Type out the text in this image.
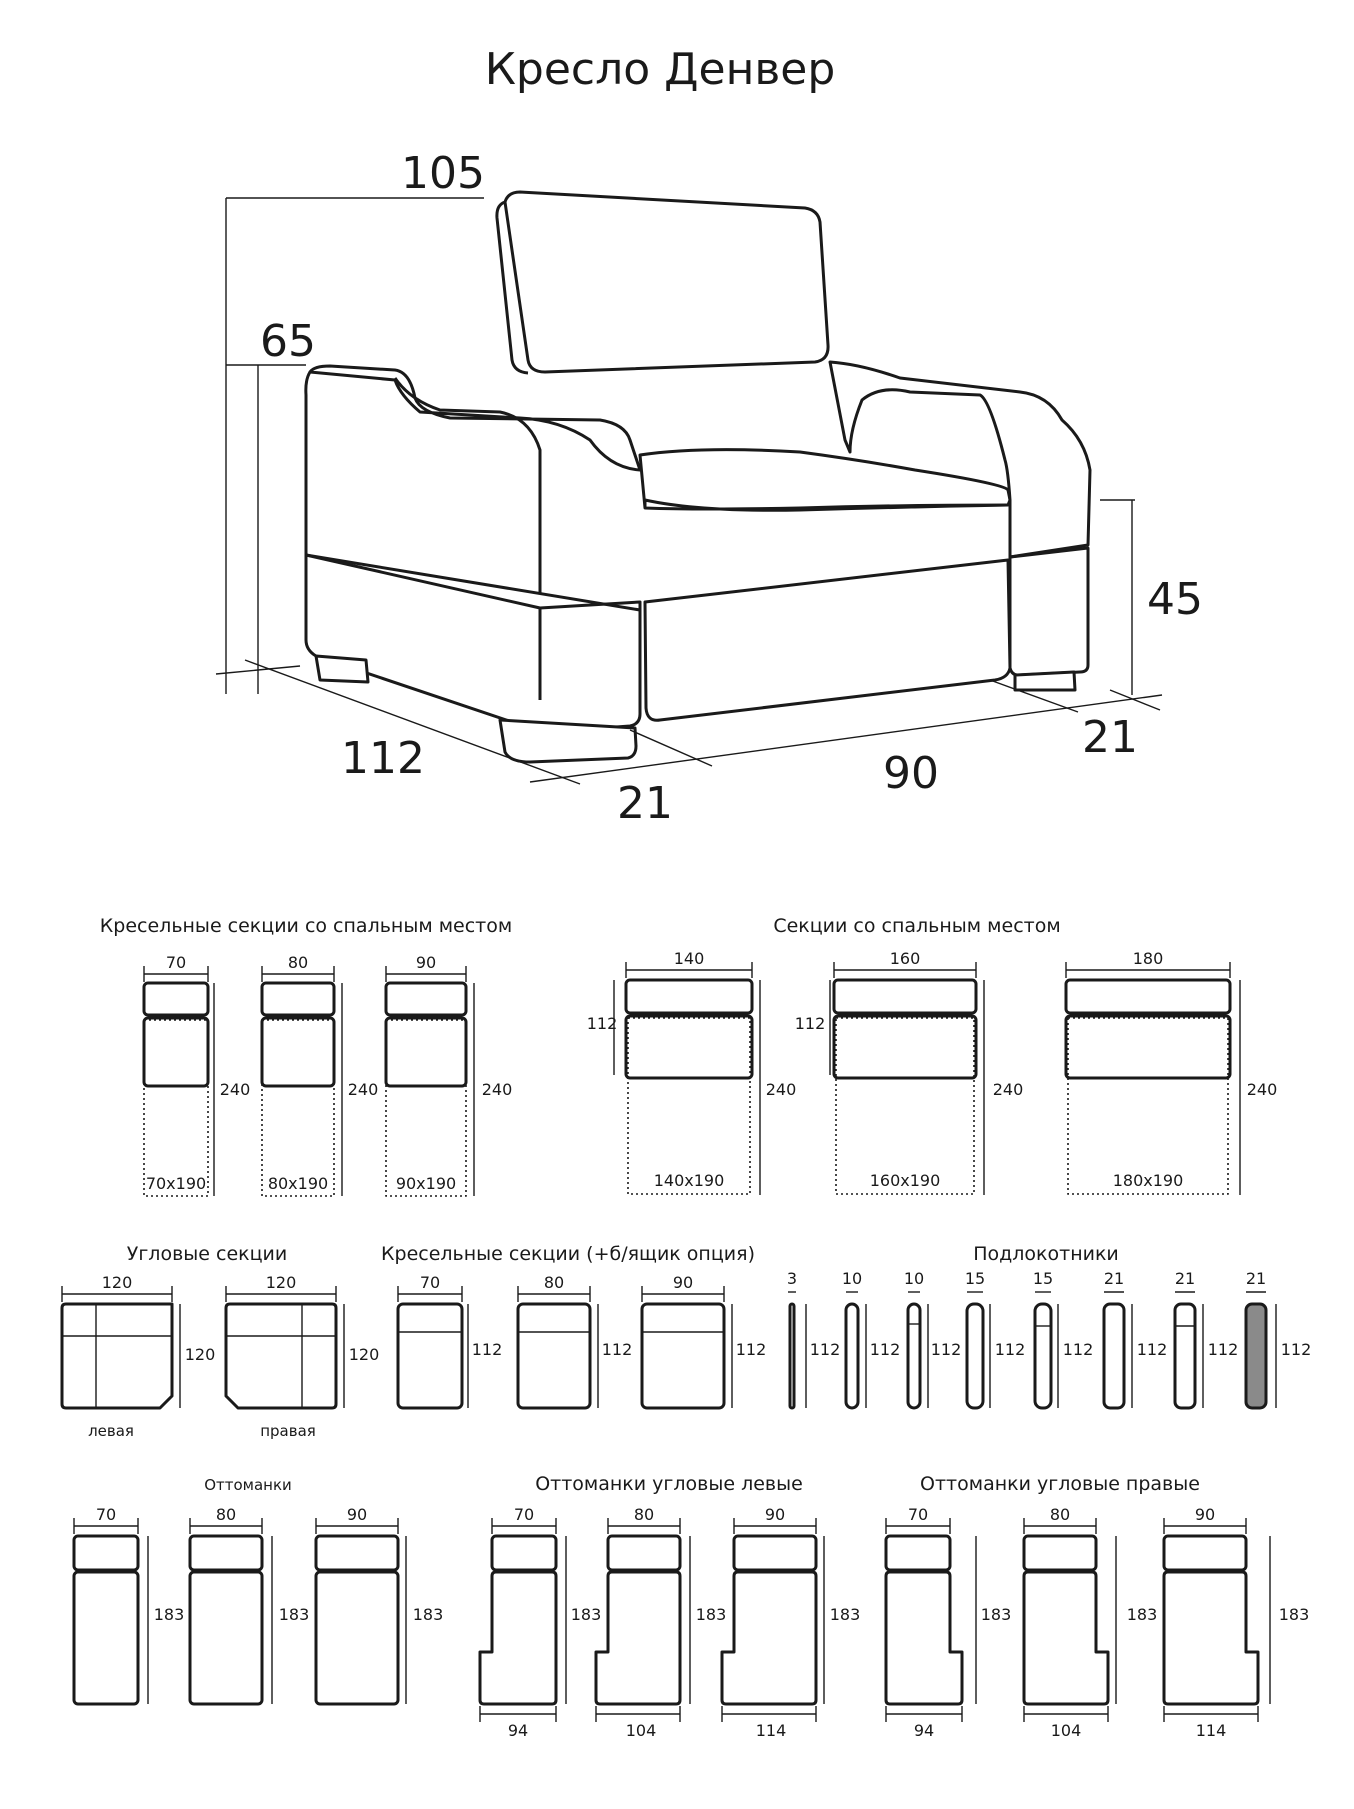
Кресло Денвер
105
65
112
21
90
21
45
Кресельные секции со спальным местом	Секции со спальным местом
Угловые секции	Кресельные секции (+б/ящик опция)	Подлокотники
Оттоманки	Оттоманки угловые левые	Оттоманки угловые правые
70
240
70x190
80
240
80x190
90
240
90x190
140
112
240
140x190
160
112
240
160x190
180
240
180x190
120
120
левая
120
120
правая
70
112
80
112
90
112
3
112
10
112
10
112
15
112
15
112
21
112
21
112
21
112
70
183
80
183
90
183
70
183
94
80
183
104
90
183
114
70
183
94
80
183
104
90
183
114
